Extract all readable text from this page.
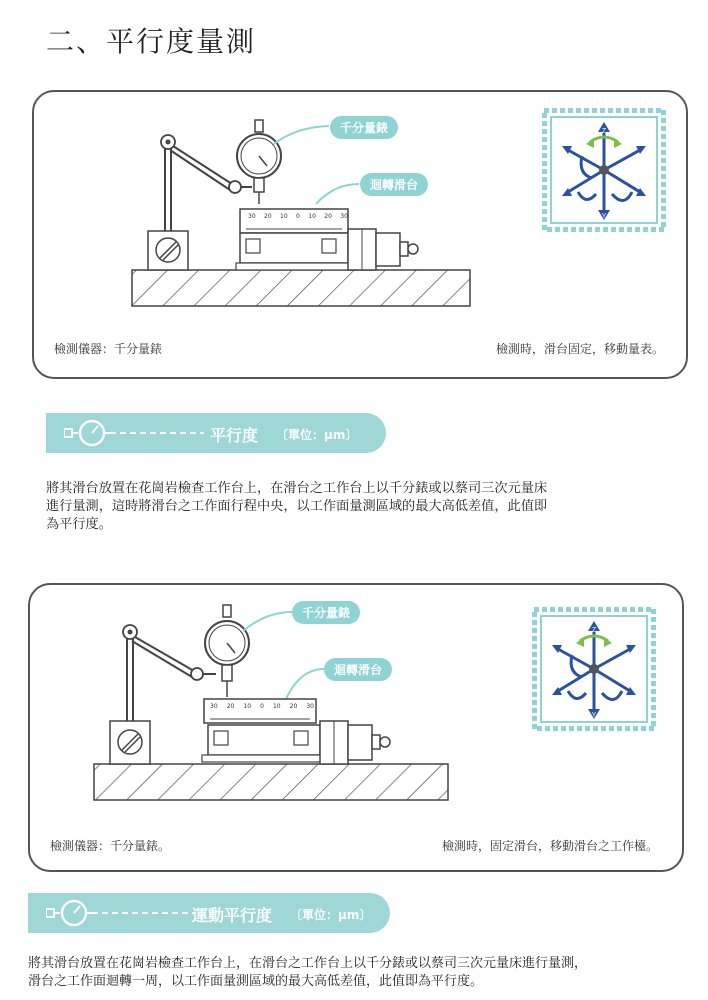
二、平行度量測
30 20 10 0 10 20 30
千分量錶
迴轉滑台
Z
Y
檢測儀器：千分量錶	檢測時，滑台固定，移動量表。
平行度 〔單位：μm〕
將其滑台放置在花崗岩檢查工作台上，在滑台之工作台上以千分錶或以蔡司三次元量床
進行量測，這時將滑台之工作面行程中央，以工作面量測區域的最大高低差值，此值即
為平行度。
30 20 10 0 10 20 30
千分量錶
迴轉滑台
Z
Y
檢測儀器：千分量錶。	檢測時，固定滑台，移動滑台之工作檯。
運動平行度 〔單位：μm〕
將其滑台放置在花崗岩檢查工作台上，在滑台之工作台上以千分錶或以蔡司三次元量床進行量測，
滑台之工作面迴轉一周，以工作面量測區域的最大高低差值，此值即為平行度。
